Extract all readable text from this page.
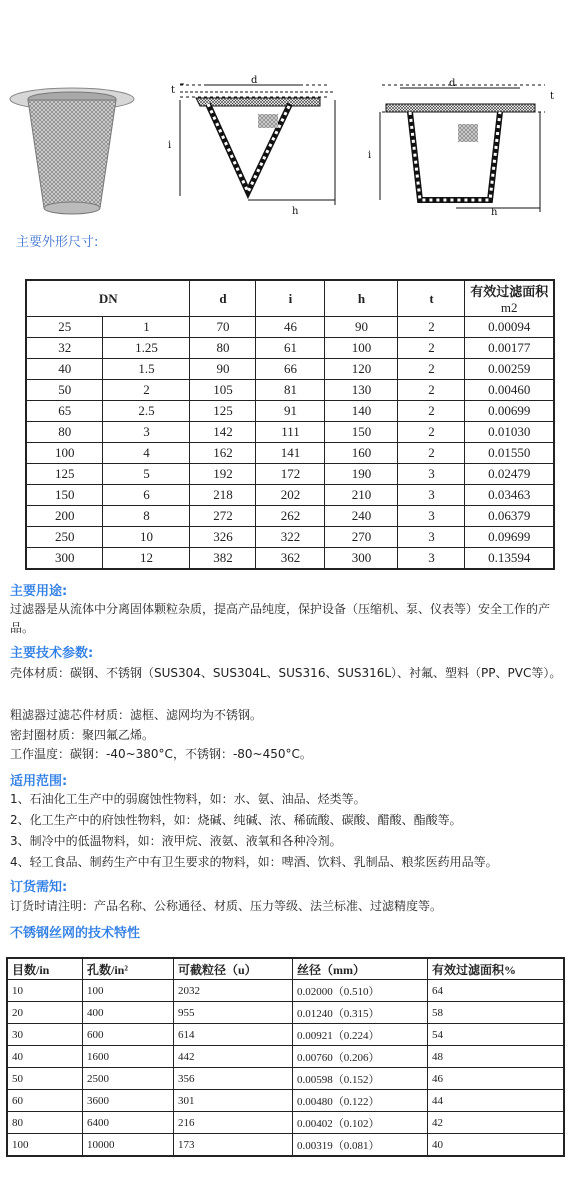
t
d
i
h
t
d
i
h
主要外形尺寸:
DN		d	i	h	t	有效过滤面积
m2
25	1	70	46	90	2	0.00094
32	1.25	80	61	100	2	0.00177
40	1.5	90	66	120	2	0.00259
50	2	105	81	130	2	0.00460
65	2.5	125	91	140	2	0.00699
80	3	142	111	150	2	0.01030
100	4	162	141	160	2	0.01550
125	5	192	172	190	3	0.02479
150	6	218	202	210	3	0.03463
200	8	272	262	240	3	0.06379
250	10	326	322	270	3	0.09699
300	12	382	362	300	3	0.13594
主要用途:
过滤器是从流体中分离固体颗粒杂质，提高产品纯度，保护设备（压缩机、泵、仪表等）安全工作的产品。
主要技术参数:
壳体材质：碳钢、不锈钢（SUS304、SUS304L、SUS316、SUS316L）、衬氟、塑料（PP、PVC等）。
粗滤器过滤芯件材质：滤框、滤网均为不锈钢。
密封圈材质：聚四氟乙烯。
工作温度：碳钢：-40~380°C，不锈钢：-80~450°C。
适用范围:
1、石油化工生产中的弱腐蚀性物料，如：水、氨、油品、烃类等。
2、化工生产中的府蚀性物料，如：烧碱、纯碱、浓、稀硫酸、碳酸、醋酸、酯酸等。
3、制冷中的低温物料，如：液甲烷、液氨、液氧和各种冷剂。
4、轻工食品、制药生产中有卫生要求的物料，如：啤酒、饮料、乳制品、粮浆医药用品等。
订货需知:
订货时请注明：产品名称、公称通径、材质、压力等级、法兰标准、过滤精度等。
不锈钢丝网的技术特性
目数/in	孔数/in²	可截粒径（u）	丝径（mm）	有效过滤面积%
10	100	2032	0.02000（0.510）	64
20	400	955	0.01240（0.315）	58
30	600	614	0.00921（0.224）	54
40	1600	442	0.00760（0.206）	48
50	2500	356	0.00598（0.152）	46
60	3600	301	0.00480（0.122）	44
80	6400	216	0.00402（0.102）	42
100	10000	173	0.00319（0.081）	40
